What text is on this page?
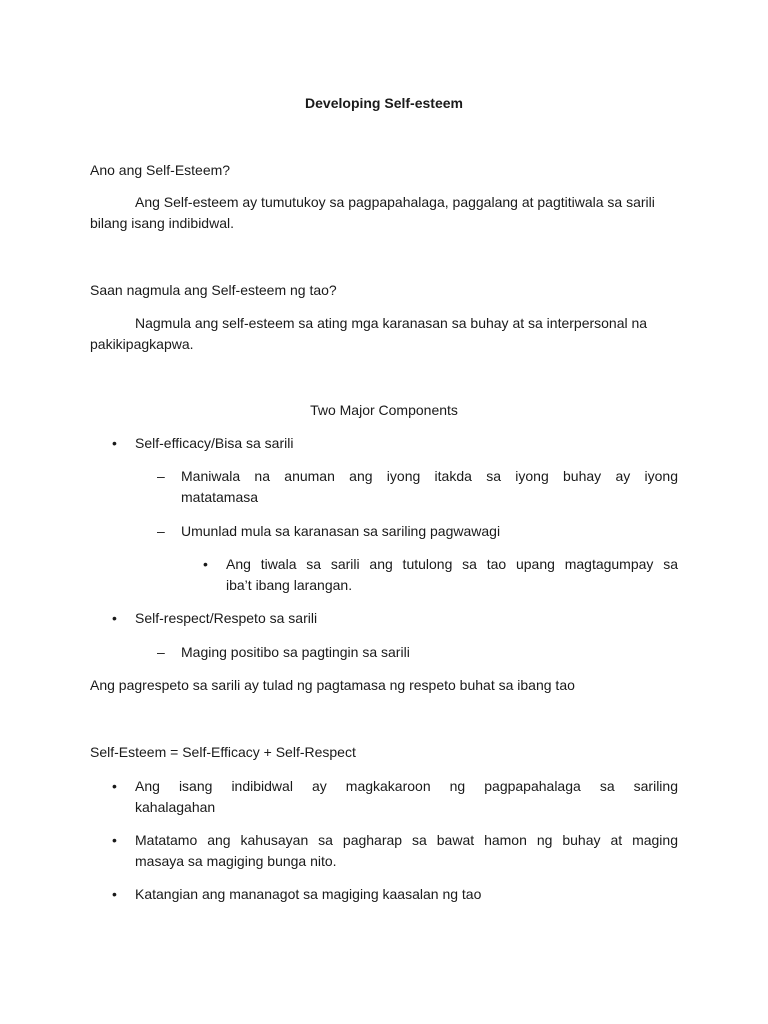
Developing Self-esteem
Ano ang Self-Esteem?
Ang Self-esteem ay tumutukoy sa pagpapahalaga, paggalang at pagtitiwala sa sarili bilang isang indibidwal.
Saan nagmula ang Self-esteem ng tao?
Nagmula ang self-esteem sa ating mga karanasan sa buhay at sa interpersonal na pakikipagkapwa.
Two Major Components
• Self-efficacy/Bisa sa sarili
– Maniwala na anuman ang iyong itakda sa iyong buhay ay iyong
matatamasa
– Umunlad mula sa karanasan sa sariling pagwawagi
• Ang tiwala sa sarili ang tutulong sa tao upang magtagumpay sa
iba’t ibang larangan.
• Self-respect/Respeto sa sarili
– Maging positibo sa pagtingin sa sarili
Ang pagrespeto sa sarili ay tulad ng pagtamasa ng respeto buhat sa ibang tao
Self-Esteem = Self-Efficacy + Self-Respect
• Ang isang indibidwal ay magkakaroon ng pagpapahalaga sa sariling
kahalagahan
• Matatamo ang kahusayan sa pagharap sa bawat hamon ng buhay at maging
masaya sa magiging bunga nito.
• Katangian ang mananagot sa magiging kaasalan ng tao
